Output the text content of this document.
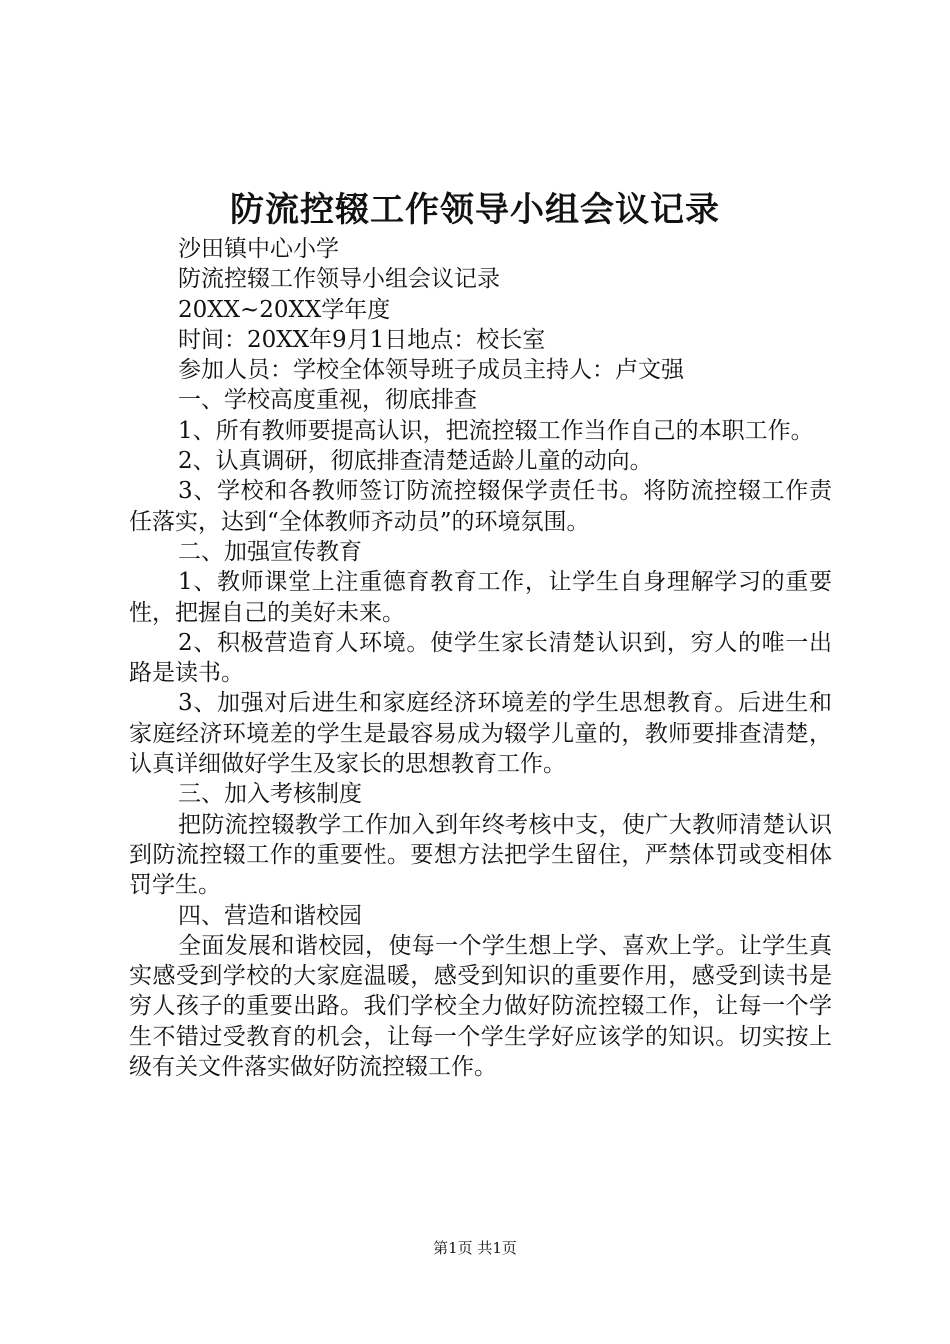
防流控辍工作领导小组会议记录

沙田镇中心小学

防流控辍工作领导小组会议记录

20XX~20XX学年度

时间：20XX年9月1日地点：校长室

参加人员：学校全体领导班子成员主持人：卢文强

一、学校高度重视，彻底排查

1、所有教师要提高认识，把流控辍工作当作自己的本职工作。

2、认真调研，彻底排查清楚适龄儿童的动向。

3、学校和各教师签订防流控辍保学责任书。将防流控辍工作责任落实，达到“全体教师齐动员”的环境氛围。

二、加强宣传教育

1、教师课堂上注重德育教育工作，让学生自身理解学习的重要性，把握自己的美好未来。

2、积极营造育人环境。使学生家长清楚认识到，穷人的唯一出路是读书。

3、加强对后进生和家庭经济环境差的学生思想教育。后进生和家庭经济环境差的学生是最容易成为辍学儿童的，教师要排查清楚，认真详细做好学生及家长的思想教育工作。

三、加入考核制度

把防流控辍教学工作加入到年终考核中支，使广大教师清楚认识到防流控辍工作的重要性。要想方法把学生留住，严禁体罚或变相体罚学生。

四、营造和谐校园

全面发展和谐校园，使每一个学生想上学、喜欢上学。让学生真实感受到学校的大家庭温暖，感受到知识的重要作用，感受到读书是穷人孩子的重要出路。我们学校全力做好防流控辍工作，让每一个学生不错过受教育的机会，让每一个学生学好应该学的知识。切实按上级有关文件落实做好防流控辍工作。

第1页 共1页
